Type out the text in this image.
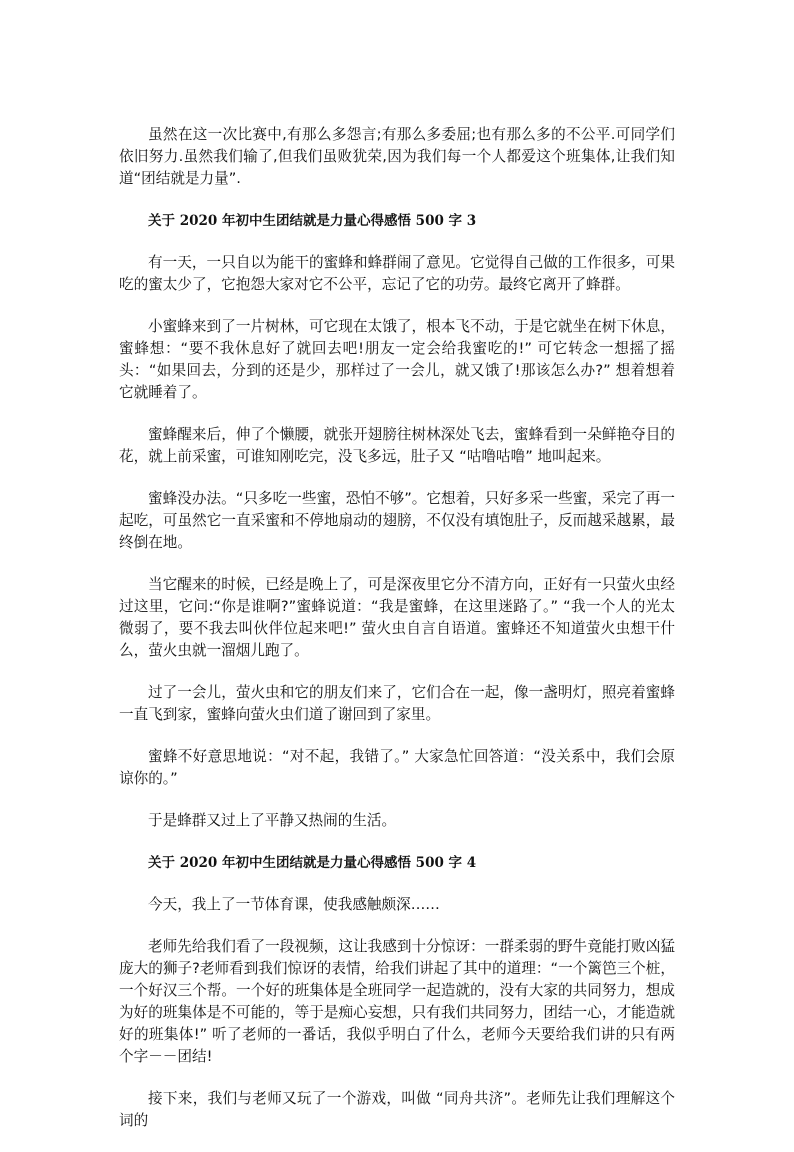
虽然在这一次比赛中,有那么多怨言;有那么多委屈;也有那么多的不公平.可同学们依旧努力.虽然我们输了,但我们虽败犹荣,因为我们每一个人都爱这个班集体,让我们知道“团结就是力量”.

关于 2020 年初中生团结就是力量心得感悟 500 字 3

有一天，一只自以为能干的蜜蜂和蜂群闹了意见。它觉得自己做的工作很多，可果吃的蜜太少了，它抱怨大家对它不公平，忘记了它的功劳。最终它离开了蜂群。

小蜜蜂来到了一片树林，可它现在太饿了，根本飞不动，于是它就坐在树下休息，蜜蜂想：“要不我休息好了就回去吧!朋友一定会给我蜜吃的!” 可它转念一想摇了摇头：“如果回去，分到的还是少，那样过了一会儿，就又饿了!那该怎么办?” 想着想着它就睡着了。

蜜蜂醒来后，伸了个懒腰，就张开翅膀往树林深处飞去，蜜蜂看到一朵鲜艳夺目的花，就上前采蜜，可谁知刚吃完，没飞多远，肚子又 “咕噜咕噜” 地叫起来。

蜜蜂没办法。“只多吃一些蜜，恐怕不够”。它想着，只好多采一些蜜，采完了再一起吃，可虽然它一直采蜜和不停地扇动的翅膀，不仅没有填饱肚子，反而越采越累，最终倒在地。

当它醒来的时候，已经是晚上了，可是深夜里它分不清方向，正好有一只萤火虫经过这里，它问:“你是谁啊?”蜜蜂说道：“我是蜜蜂，在这里迷路了。” “我一个人的光太微弱了，要不我去叫伙伴位起来吧!” 萤火虫自言自语道。蜜蜂还不知道萤火虫想干什么，萤火虫就一溜烟儿跑了。

过了一会儿，萤火虫和它的朋友们来了，它们合在一起，像一盏明灯，照亮着蜜蜂一直飞到家，蜜蜂向萤火虫们道了谢回到了家里。

蜜蜂不好意思地说：“对不起，我错了。” 大家急忙回答道：“没关系中，我们会原谅你的。”

于是蜂群又过上了平静又热闹的生活。

关于 2020 年初中生团结就是力量心得感悟 500 字 4

今天，我上了一节体育课，使我感触颇深……

老师先给我们看了一段视频，这让我感到十分惊讶：一群柔弱的野牛竟能打败凶猛庞大的狮子?老师看到我们惊讶的表情，给我们讲起了其中的道理：“一个篱笆三个桩，一个好汉三个帮。一个好的班集体是全班同学一起造就的，没有大家的共同努力，想成为好的班集体是不可能的，等于是痴心妄想，只有我们共同努力，团结一心，才能造就好的班集体!” 听了老师的一番话，我似乎明白了什么，老师今天要给我们讲的只有两个字－－团结!

接下来，我们与老师又玩了一个游戏，叫做 “同舟共济”。老师先让我们理解这个词的
